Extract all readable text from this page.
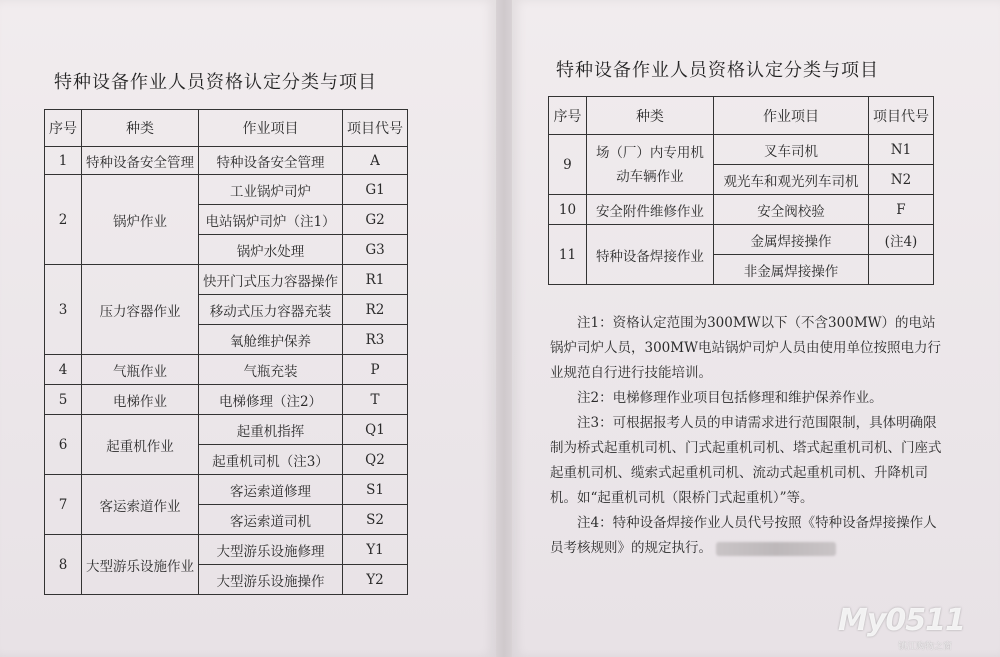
特种设备作业人员资格认定分类与项目
序号	种类	作业项目	项目代号
1	特种设备安全管理	特种设备安全管理	A
2	锅炉作业	工业锅炉司炉	G1
		电站锅炉司炉（注1）	G2
		锅炉水处理	G3
3	压力容器作业	快开门式压力容器操作	R1
		移动式压力容器充装	R2
		氧舱维护保养	R3
4	气瓶作业	气瓶充装	P
5	电梯作业	电梯修理（注2）	T
6	起重机作业	起重机指挥	Q1
		起重机司机（注3）	Q2
7	客运索道作业	客运索道修理	S1
		客运索道司机	S2
8	大型游乐设施作业	大型游乐设施修理	Y1
		大型游乐设施操作	Y2
特种设备作业人员资格认定分类与项目
序号	种类	作业项目	项目代号
9	场（厂）内专用机动车辆作业	叉车司机	N1
		观光车和观光列车司机	N2
10	安全附件维修作业	安全阀校验	F
11	特种设备焊接作业	金属焊接操作	(注4)
		非金属焊接操作	

注1：资格认定范围为300MW以下（不含300MW）的电站锅炉司炉人员，300MW电站锅炉司炉人员由使用单位按照电力行业规范自行进行技能培训。

注2：电梯修理作业项目包括修理和维护保养作业。

注3：可根据报考人员的申请需求进行范围限制，具体明确限制为桥式起重机司机、门式起重机司机、塔式起重机司机、门座式起重机司机、缆索式起重机司机、流动式起重机司机、升降机司机。如“起重机司机（限桥门式起重机）”等。

注4：特种设备焊接作业人员代号按照《特种设备焊接操作人员考核规则》的规定执行。

My0511
镇江购物之窗
